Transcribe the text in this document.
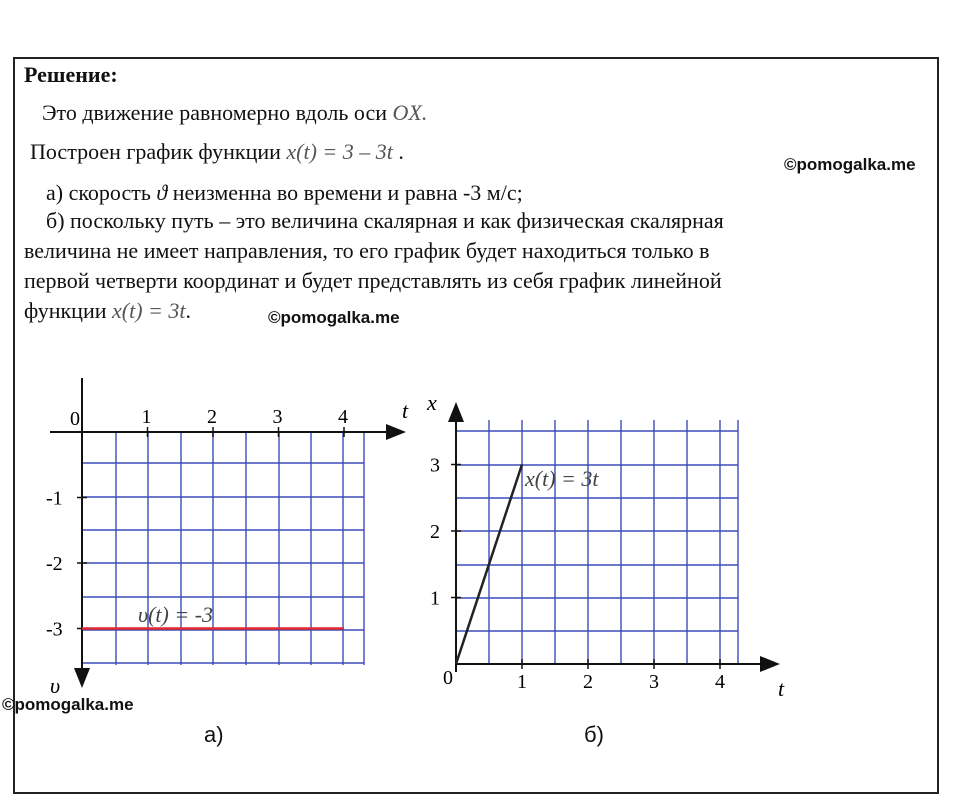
Решение:
Это движение равномерно вдоль оси OX.
Построен график функции x(t) = 3 – 3t .
а) скорость ϑ неизменна во времени и равна -3 м/с;
б) поскольку путь – это величина скалярная и как физическая скалярная
величина не имеет направления, то его график будет находиться только в
первой четверти координат и будет представлять из себя график линейной
функции x(t) = 3t.
©pomogalka.me
©pomogalka.me
©pomogalka.me
0	1	2	3	4
-1
-2
-3
t
υ
υ(t) = -3
0	1	2	3	4
1
2
3
t
x
x(t) = 3t
а)	б)
